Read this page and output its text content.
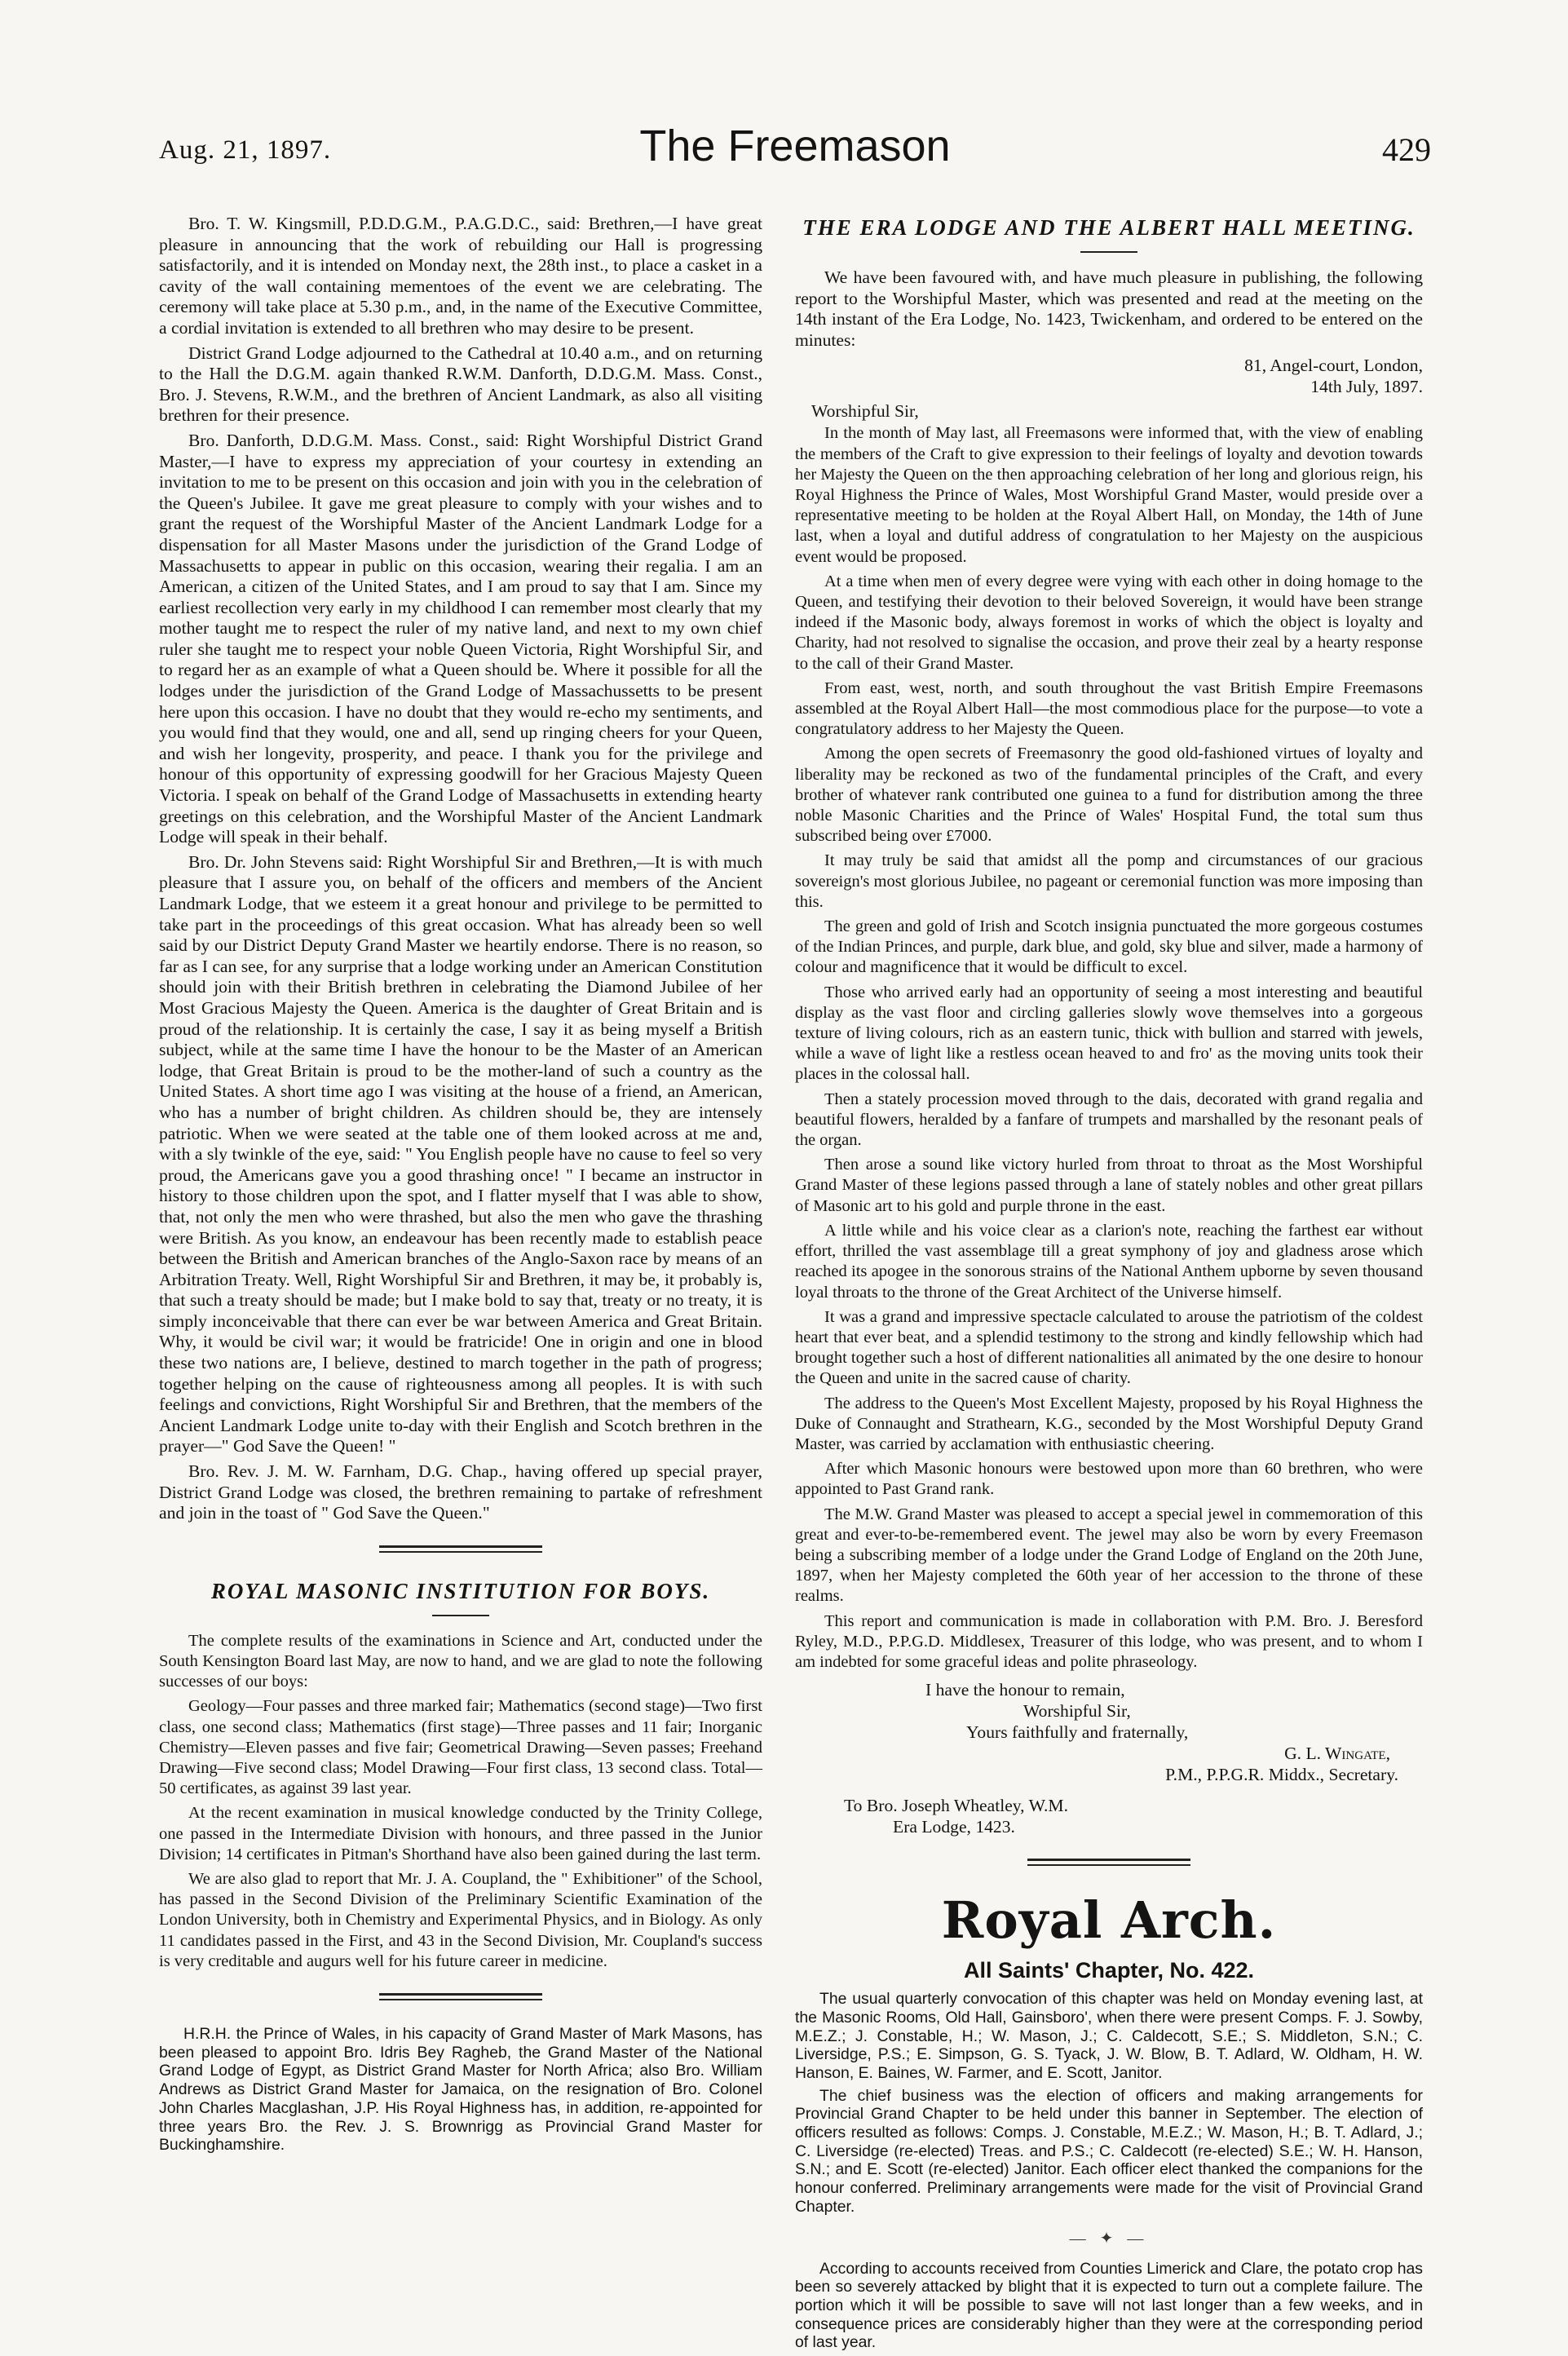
Aug. 21, 1897.	The Freemason	429

Bro. T. W. Kingsmill, P.D.D.G.M., P.A.G.D.C., said: Brethren,—I have great pleasure in announcing that the work of rebuilding our Hall is progressing satisfactorily, and it is intended on Monday next, the 28th inst., to place a casket in a cavity of the wall containing mementoes of the event we are celebrating. The ceremony will take place at 5.30 p.m., and, in the name of the Executive Committee, a cordial invitation is extended to all brethren who may desire to be present.

District Grand Lodge adjourned to the Cathedral at 10.40 a.m., and on returning to the Hall the D.G.M. again thanked R.W.M. Danforth, D.D.G.M. Mass. Const., Bro. J. Stevens, R.W.M., and the brethren of Ancient Landmark, as also all visiting brethren for their presence.

Bro. Danforth, D.D.G.M. Mass. Const., said: Right Worshipful District Grand Master,—I have to express my appreciation of your courtesy in extending an invitation to me to be present on this occasion and join with you in the celebration of the Queen's Jubilee. It gave me great pleasure to comply with your wishes and to grant the request of the Worshipful Master of the Ancient Landmark Lodge for a dispensation for all Master Masons under the jurisdiction of the Grand Lodge of Massachusetts to appear in public on this occasion, wearing their regalia. I am an American, a citizen of the United States, and I am proud to say that I am. Since my earliest recollection very early in my childhood I can remember most clearly that my mother taught me to respect the ruler of my native land, and next to my own chief ruler she taught me to respect your noble Queen Victoria, Right Worshipful Sir, and to regard her as an example of what a Queen should be. Where it possible for all the lodges under the jurisdiction of the Grand Lodge of Massachussetts to be present here upon this occasion. I have no doubt that they would re-echo my sentiments, and you would find that they would, one and all, send up ringing cheers for your Queen, and wish her longevity, prosperity, and peace. I thank you for the privilege and honour of this opportunity of expressing goodwill for her Gracious Majesty Queen Victoria. I speak on behalf of the Grand Lodge of Massachusetts in extending hearty greetings on this celebration, and the Worshipful Master of the Ancient Landmark Lodge will speak in their behalf.

Bro. Dr. John Stevens said: Right Worshipful Sir and Brethren,—It is with much pleasure that I assure you, on behalf of the officers and members of the Ancient Landmark Lodge, that we esteem it a great honour and privilege to be permitted to take part in the proceedings of this great occasion. What has already been so well said by our District Deputy Grand Master we heartily endorse. There is no reason, so far as I can see, for any surprise that a lodge working under an American Constitution should join with their British brethren in celebrating the Diamond Jubilee of her Most Gracious Majesty the Queen. America is the daughter of Great Britain and is proud of the relationship. It is certainly the case, I say it as being myself a British subject, while at the same time I have the honour to be the Master of an American lodge, that Great Britain is proud to be the mother-land of such a country as the United States. A short time ago I was visiting at the house of a friend, an American, who has a number of bright children. As children should be, they are intensely patriotic. When we were seated at the table one of them looked across at me and, with a sly twinkle of the eye, said: " You English people have no cause to feel so very proud, the Americans gave you a good thrashing once! " I became an instructor in history to those children upon the spot, and I flatter myself that I was able to show, that, not only the men who were thrashed, but also the men who gave the thrashing were British. As you know, an endeavour has been recently made to establish peace between the British and American branches of the Anglo-Saxon race by means of an Arbitration Treaty. Well, Right Worshipful Sir and Brethren, it may be, it probably is, that such a treaty should be made; but I make bold to say that, treaty or no treaty, it is simply inconceivable that there can ever be war between America and Great Britain. Why, it would be civil war; it would be fratricide! One in origin and one in blood these two nations are, I believe, destined to march together in the path of progress; together helping on the cause of righteousness among all peoples. It is with such feelings and convictions, Right Worshipful Sir and Brethren, that the members of the Ancient Landmark Lodge unite to-day with their English and Scotch brethren in the prayer—" God Save the Queen! "

Bro. Rev. J. M. W. Farnham, D.G. Chap., having offered up special prayer, District Grand Lodge was closed, the brethren remaining to partake of refreshment and join in the toast of " God Save the Queen."

ROYAL MASONIC INSTITUTION FOR BOYS.

The complete results of the examinations in Science and Art, conducted under the South Kensington Board last May, are now to hand, and we are glad to note the following successes of our boys:

Geology—Four passes and three marked fair; Mathematics (second stage)—Two first class, one second class; Mathematics (first stage)—Three passes and 11 fair; Inorganic Chemistry—Eleven passes and five fair; Geometrical Drawing—Seven passes; Freehand Drawing—Five second class; Model Drawing—Four first class, 13 second class. Total—50 certificates, as against 39 last year.

At the recent examination in musical knowledge conducted by the Trinity College, one passed in the Intermediate Division with honours, and three passed in the Junior Division; 14 certificates in Pitman's Shorthand have also been gained during the last term.

We are also glad to report that Mr. J. A. Coupland, the " Exhibitioner" of the School, has passed in the Second Division of the Preliminary Scientific Examination of the London University, both in Chemistry and Experimental Physics, and in Biology. As only 11 candidates passed in the First, and 43 in the Second Division, Mr. Coupland's success is very creditable and augurs well for his future career in medicine.

H.R.H. the Prince of Wales, in his capacity of Grand Master of Mark Masons, has been pleased to appoint Bro. Idris Bey Ragheb, the Grand Master of the National Grand Lodge of Egypt, as District Grand Master for North Africa; also Bro. William Andrews as District Grand Master for Jamaica, on the resignation of Bro. Colonel John Charles Macglashan, J.P. His Royal Highness has, in addition, re-appointed for three years Bro. the Rev. J. S. Brownrigg as Provincial Grand Master for Buckinghamshire.

THE ERA LODGE AND THE ALBERT HALL MEETING.

We have been favoured with, and have much pleasure in publishing, the following report to the Worshipful Master, which was presented and read at the meeting on the 14th instant of the Era Lodge, No. 1423, Twickenham, and ordered to be entered on the minutes:

81, Angel-court, London,

14th July, 1897.

Worshipful Sir,

In the month of May last, all Freemasons were informed that, with the view of enabling the members of the Craft to give expression to their feelings of loyalty and devotion towards her Majesty the Queen on the then approaching celebration of her long and glorious reign, his Royal Highness the Prince of Wales, Most Worshipful Grand Master, would preside over a representative meeting to be holden at the Royal Albert Hall, on Monday, the 14th of June last, when a loyal and dutiful address of congratulation to her Majesty on the auspicious event would be proposed.

At a time when men of every degree were vying with each other in doing homage to the Queen, and testifying their devotion to their beloved Sovereign, it would have been strange indeed if the Masonic body, always foremost in works of which the object is loyalty and Charity, had not resolved to signalise the occasion, and prove their zeal by a hearty response to the call of their Grand Master.

From east, west, north, and south throughout the vast British Empire Freemasons assembled at the Royal Albert Hall—the most commodious place for the purpose—to vote a congratulatory address to her Majesty the Queen.

Among the open secrets of Freemasonry the good old-fashioned virtues of loyalty and liberality may be reckoned as two of the fundamental principles of the Craft, and every brother of whatever rank contributed one guinea to a fund for distribution among the three noble Masonic Charities and the Prince of Wales' Hospital Fund, the total sum thus subscribed being over £7000.

It may truly be said that amidst all the pomp and circumstances of our gracious sovereign's most glorious Jubilee, no pageant or ceremonial function was more imposing than this.

The green and gold of Irish and Scotch insignia punctuated the more gorgeous costumes of the Indian Princes, and purple, dark blue, and gold, sky blue and silver, made a harmony of colour and magnificence that it would be difficult to excel.

Those who arrived early had an opportunity of seeing a most interesting and beautiful display as the vast floor and circling galleries slowly wove themselves into a gorgeous texture of living colours, rich as an eastern tunic, thick with bullion and starred with jewels, while a wave of light like a restless ocean heaved to and fro' as the moving units took their places in the colossal hall.

Then a stately procession moved through to the dais, decorated with grand regalia and beautiful flowers, heralded by a fanfare of trumpets and marshalled by the resonant peals of the organ.

Then arose a sound like victory hurled from throat to throat as the Most Worshipful Grand Master of these legions passed through a lane of stately nobles and other great pillars of Masonic art to his gold and purple throne in the east.

A little while and his voice clear as a clarion's note, reaching the farthest ear without effort, thrilled the vast assemblage till a great symphony of joy and gladness arose which reached its apogee in the sonorous strains of the National Anthem upborne by seven thousand loyal throats to the throne of the Great Architect of the Universe himself.

It was a grand and impressive spectacle calculated to arouse the patriotism of the coldest heart that ever beat, and a splendid testimony to the strong and kindly fellowship which had brought together such a host of different nationalities all animated by the one desire to honour the Queen and unite in the sacred cause of charity.

The address to the Queen's Most Excellent Majesty, proposed by his Royal Highness the Duke of Connaught and Strathearn, K.G., seconded by the Most Worshipful Deputy Grand Master, was carried by acclamation with enthusiastic cheering.

After which Masonic honours were bestowed upon more than 60 brethren, who were appointed to Past Grand rank.

The M.W. Grand Master was pleased to accept a special jewel in commemoration of this great and ever-to-be-remembered event. The jewel may also be worn by every Freemason being a subscribing member of a lodge under the Grand Lodge of England on the 20th June, 1897, when her Majesty completed the 60th year of her accession to the throne of these realms.

This report and communication is made in collaboration with P.M. Bro. J. Beresford Ryley, M.D., P.P.G.D. Middlesex, Treasurer of this lodge, who was present, and to whom I am indebted for some graceful ideas and polite phraseology.

I have the honour to remain,

Worshipful Sir,

Yours faithfully and fraternally,

G. L. Wingate,

P.M., P.P.G.R. Middx., Secretary.

To Bro. Joseph Wheatley, W.M.

Era Lodge, 1423.

Royal Arch.
All Saints' Chapter, No. 422.

The usual quarterly convocation of this chapter was held on Monday evening last, at the Masonic Rooms, Old Hall, Gainsboro', when there were present Comps. F. J. Sowby, M.E.Z.; J. Constable, H.; W. Mason, J.; C. Caldecott, S.E.; S. Middleton, S.N.; C. Liversidge, P.S.; E. Simpson, G. S. Tyack, J. W. Blow, B. T. Adlard, W. Oldham, H. W. Hanson, E. Baines, W. Farmer, and E. Scott, Janitor.

The chief business was the election of officers and making arrangements for Provincial Grand Chapter to be held under this banner in September. The election of officers resulted as follows: Comps. J. Constable, M.E.Z.; W. Mason, H.; B. T. Adlard, J.; C. Liversidge (re-elected) Treas. and P.S.; C. Caldecott (re-elected) S.E.; W. H. Hanson, S.N.; and E. Scott (re-elected) Janitor. Each officer elect thanked the companions for the honour conferred. Preliminary arrangements were made for the visit of Provincial Grand Chapter.

— ✦ —

According to accounts received from Counties Limerick and Clare, the potato crop has been so severely attacked by blight that it is expected to turn out a complete failure. The portion which it will be possible to save will not last longer than a few weeks, and in consequence prices are considerably higher than they were at the corresponding period of last year.
